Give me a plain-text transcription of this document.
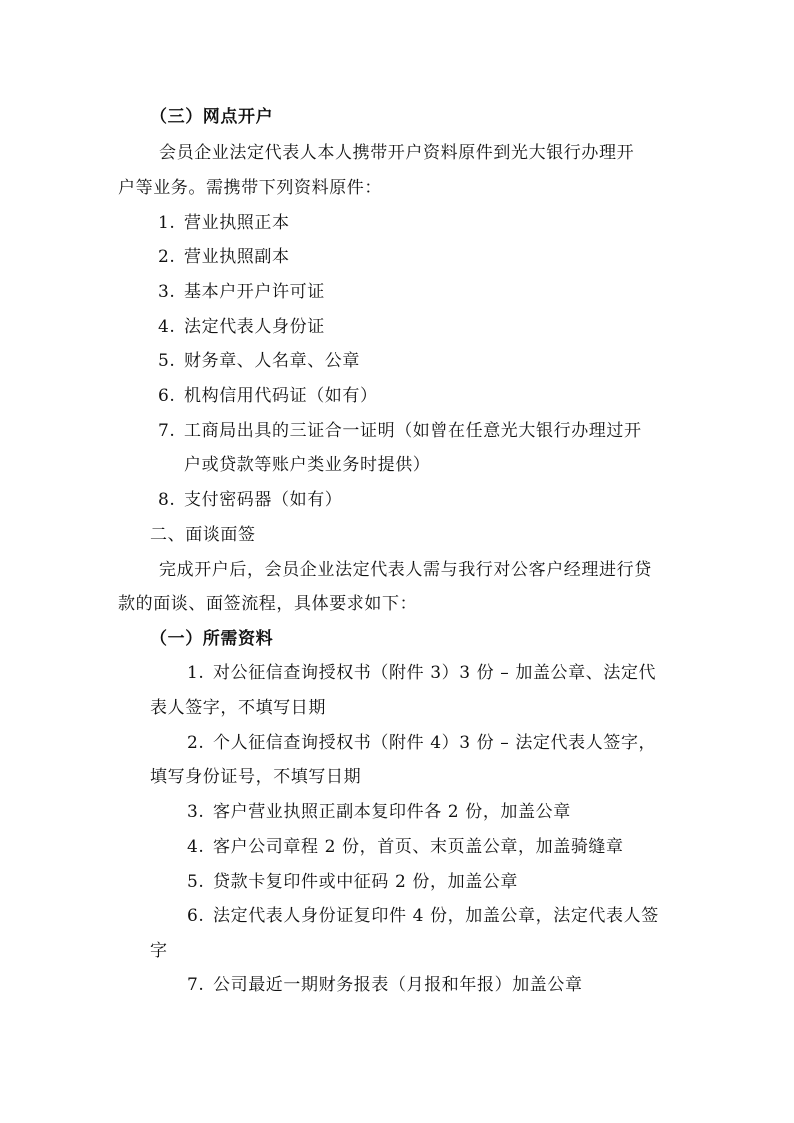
（三）网点开户
会员企业法定代表人本人携带开户资料原件到光大银行办理开
户等业务。需携带下列资料原件：
1. 营业执照正本
2. 营业执照副本
3. 基本户开户许可证
4. 法定代表人身份证
5. 财务章、人名章、公章
6. 机构信用代码证（如有）
7. 工商局出具的三证合一证明（如曾在任意光大银行办理过开
户或贷款等账户类业务时提供）
8. 支付密码器（如有）
二、面谈面签
完成开户后，会员企业法定代表人需与我行对公客户经理进行贷
款的面谈、面签流程，具体要求如下：
（一）所需资料
1. 对公征信查询授权书（附件 3）3 份 – 加盖公章、法定代
表人签字，不填写日期
2. 个人征信查询授权书（附件 4）3 份 – 法定代表人签字，
填写身份证号，不填写日期
3. 客户营业执照正副本复印件各 2 份，加盖公章
4. 客户公司章程 2 份，首页、末页盖公章，加盖骑缝章
5. 贷款卡复印件或中征码 2 份，加盖公章
6. 法定代表人身份证复印件 4 份，加盖公章，法定代表人签
字
7. 公司最近一期财务报表（月报和年报）加盖公章
